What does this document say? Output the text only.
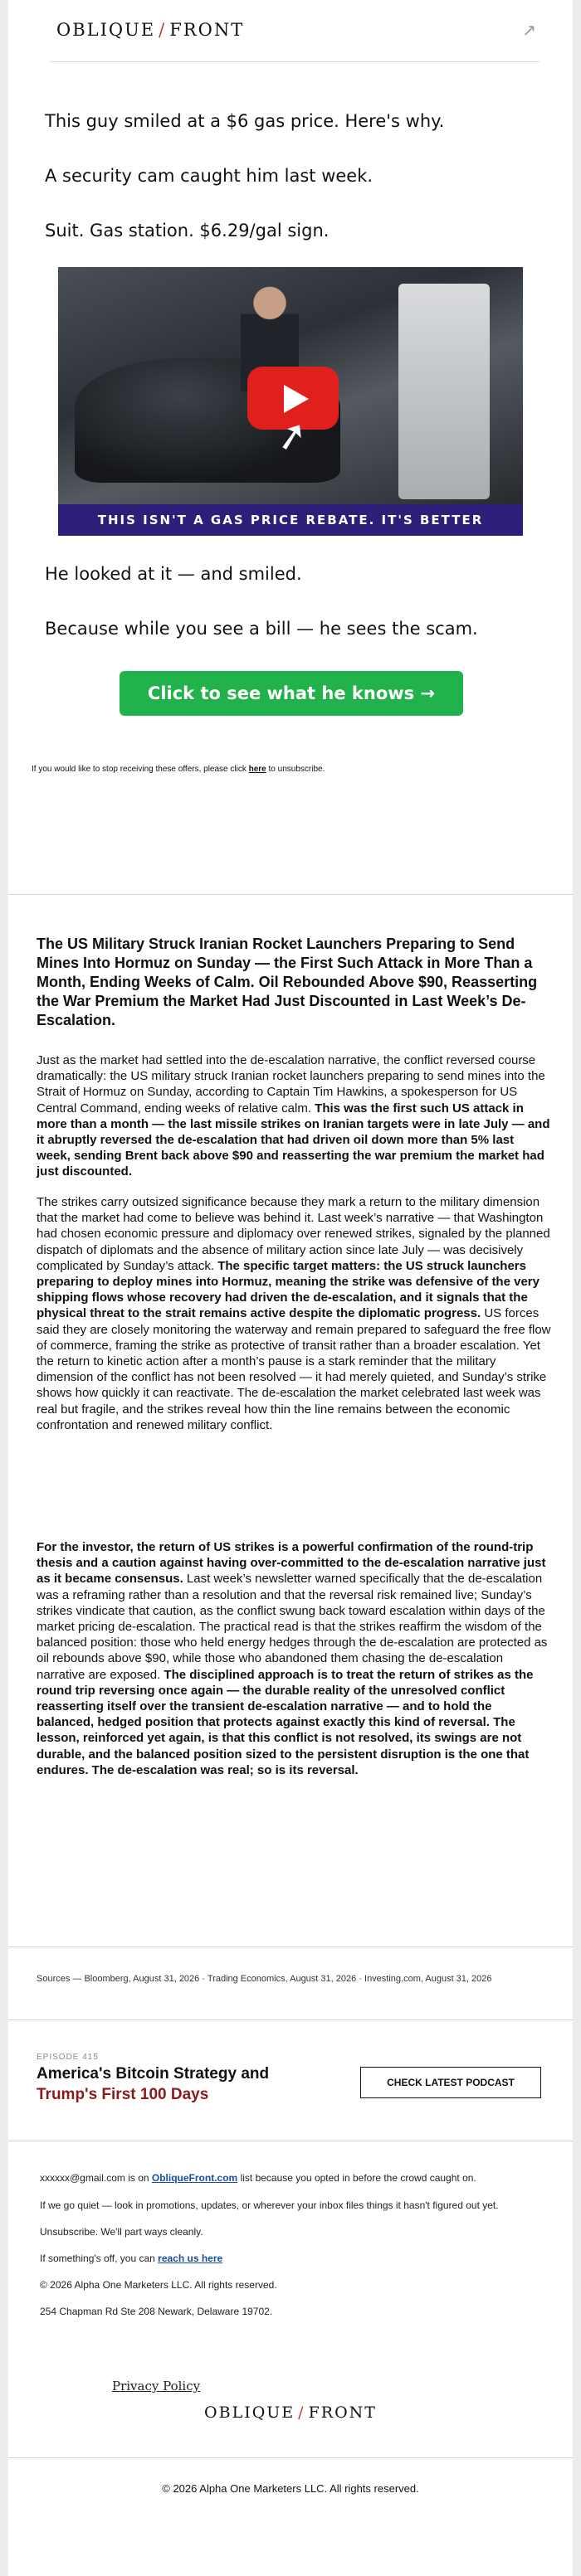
OBLIQUE / FRONT	↗
This guy smiled at a $6 gas price. Here's why.
A security cam caught him last week.
Suit. Gas station. $6.29/gal sign.
➚
THIS ISN'T A GAS PRICE REBATE. IT'S BETTER
He looked at it — and smiled.
Because while you see a bill — he sees the scam.
Click to see what he knows →
If you would like to stop receiving these offers, please click here to unsubscribe.
The US Military Struck Iranian Rocket Launchers Preparing to Send Mines Into Hormuz on Sunday — the First Such Attack in More Than a Month, Ending Weeks of Calm. Oil Rebounded Above $90, Reasserting the War Premium the Market Had Just Discounted in Last Week’s De-Escalation.
Just as the market had settled into the de-escalation narrative, the conflict reversed course dramatically: the US military struck Iranian rocket launchers preparing to send mines into the Strait of Hormuz on Sunday, according to Captain Tim Hawkins, a spokesperson for US Central Command, ending weeks of relative calm. This was the first such US attack in more than a month — the last missile strikes on Iranian targets were in late July — and it abruptly reversed the de-escalation that had driven oil down more than 5% last week, sending Brent back above $90 and reasserting the war premium the market had just discounted.
The strikes carry outsized significance because they mark a return to the military dimension that the market had come to believe was behind it. Last week’s narrative — that Washington had chosen economic pressure and diplomacy over renewed strikes, signaled by the planned dispatch of diplomats and the absence of military action since late July — was decisively complicated by Sunday’s attack. The specific target matters: the US struck launchers preparing to deploy mines into Hormuz, meaning the strike was defensive of the very shipping flows whose recovery had driven the de-escalation, and it signals that the physical threat to the strait remains active despite the diplomatic progress. US forces said they are closely monitoring the waterway and remain prepared to safeguard the free flow of commerce, framing the strike as protective of transit rather than a broader escalation. Yet the return to kinetic action after a month’s pause is a stark reminder that the military dimension of the conflict has not been resolved — it had merely quieted, and Sunday’s strike shows how quickly it can reactivate. The de-escalation the market celebrated last week was real but fragile, and the strikes reveal how thin the line remains between the economic confrontation and renewed military conflict.
For the investor, the return of US strikes is a powerful confirmation of the round-trip thesis and a caution against having over-committed to the de-escalation narrative just as it became consensus. Last week’s newsletter warned specifically that the de-escalation was a reframing rather than a resolution and that the reversal risk remained live; Sunday’s strikes vindicate that caution, as the conflict swung back toward escalation within days of the market pricing de-escalation. The practical read is that the strikes reaffirm the wisdom of the balanced position: those who held energy hedges through the de-escalation are protected as oil rebounds above $90, while those who abandoned them chasing the de-escalation narrative are exposed. The disciplined approach is to treat the return of strikes as the round trip reversing once again — the durable reality of the unresolved conflict reasserting itself over the transient de-escalation narrative — and to hold the balanced, hedged position that protects against exactly this kind of reversal. The lesson, reinforced yet again, is that this conflict is not resolved, its swings are not durable, and the balanced position sized to the persistent disruption is the one that endures. The de-escalation was real; so is its reversal.
Sources — Bloomberg, August 31, 2026 · Trading Economics, August 31, 2026 · Investing.com, August 31, 2026
EPISODE 415
America's Bitcoin Strategy and
Trump's First 100 Days
CHECK LATEST PODCAST
xxxxxx@gmail.com is on ObliqueFront.com list because you opted in before the crowd caught on.
If we go quiet — look in promotions, updates, or wherever your inbox files things it hasn't figured out yet.
Unsubscribe. We'll part ways cleanly.
If something's off, you can reach us here
© 2026 Alpha One Marketers LLC. All rights reserved.
254 Chapman Rd Ste 208 Newark, Delaware 19702.
Privacy Policy
OBLIQUE / FRONT
© 2026 Alpha One Marketers LLC. All rights reserved.
